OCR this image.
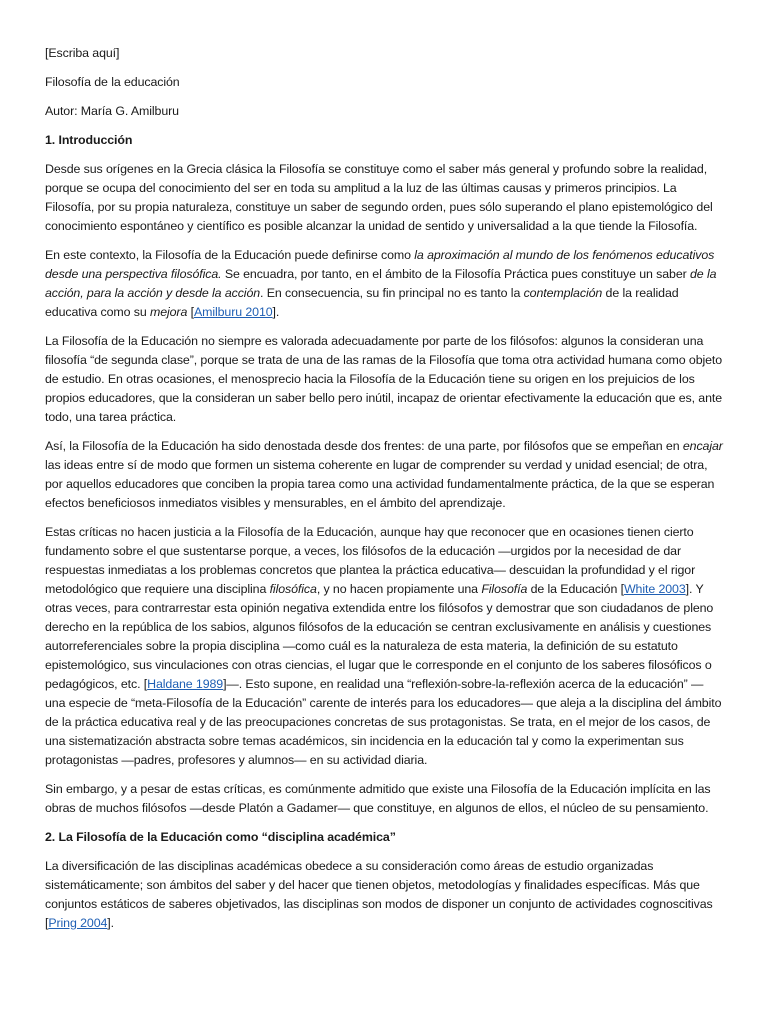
[Escriba aquí]
Filosofía de la educación
Autor: María G. Amilburu
1. Introducción

Desde sus orígenes en la Grecia clásica la Filosofía se constituye como el saber más general y profundo sobre la realidad, porque se ocupa del conocimiento del ser en toda su amplitud a la luz de las últimas causas y primeros principios. La Filosofía, por su propia naturaleza, constituye un saber de segundo orden, pues sólo superando el plano epistemológico del conocimiento espontáneo y científico es posible alcanzar la unidad de sentido y universalidad a la que tiende la Filosofía.

En este contexto, la Filosofía de la Educación puede definirse como la aproximación al mundo de los fenómenos educativos desde una perspectiva filosófica. Se encuadra, por tanto, en el ámbito de la Filosofía Práctica pues constituye un saber de la acción, para la acción y desde la acción. En consecuencia, su fin principal no es tanto la contemplación de la realidad educativa como su mejora [Amilburu 2010].

La Filosofía de la Educación no siempre es valorada adecuadamente por parte de los filósofos: algunos la consideran una filosofía “de segunda clase”, porque se trata de una de las ramas de la Filosofía que toma otra actividad humana como objeto de estudio. En otras ocasiones, el menosprecio hacia la Filosofía de la Educación tiene su origen en los prejuicios de los propios educadores, que la consideran un saber bello pero inútil, incapaz de orientar efectivamente la educación que es, ante todo, una tarea práctica.

Así, la Filosofía de la Educación ha sido denostada desde dos frentes: de una parte, por filósofos que se empeñan en encajar las ideas entre sí de modo que formen un sistema coherente en lugar de comprender su verdad y unidad esencial; de otra, por aquellos educadores que conciben la propia tarea como una actividad fundamentalmente práctica, de la que se esperan efectos beneficiosos inmediatos visibles y mensurables, en el ámbito del aprendizaje.

Estas críticas no hacen justicia a la Filosofía de la Educación, aunque hay que reconocer que en ocasiones tienen cierto fundamento sobre el que sustentarse porque, a veces, los filósofos de la educación —urgidos por la necesidad de dar respuestas inmediatas a los problemas concretos que plantea la práctica educativa— descuidan la profundidad y el rigor metodológico que requiere una disciplina filosófica, y no hacen propiamente una Filosofía de la Educación [White 2003]. Y otras veces, para contrarrestar esta opinión negativa extendida entre los filósofos y demostrar que son ciudadanos de pleno derecho en la república de los sabios, algunos filósofos de la educación se centran exclusivamente en análisis y cuestiones autorreferenciales sobre la propia disciplina —como cuál es la naturaleza de esta materia, la definición de su estatuto epistemológico, sus vinculaciones con otras ciencias, el lugar que le corresponde en el conjunto de los saberes filosóficos o pedagógicos, etc. [Haldane 1989]—. Esto supone, en realidad una “reflexión-sobre-la-reflexión acerca de la educación” —una especie de “meta-Filosofía de la Educación” carente de interés para los educadores— que aleja a la disciplina del ámbito de la práctica educativa real y de las preocupaciones concretas de sus protagonistas. Se trata, en el mejor de los casos, de una sistematización abstracta sobre temas académicos, sin incidencia en la educación tal y como la experimentan sus protagonistas —padres, profesores y alumnos— en su actividad diaria.

Sin embargo, y a pesar de estas críticas, es comúnmente admitido que existe una Filosofía de la Educación implícita en las obras de muchos filósofos —desde Platón a Gadamer— que constituye, en algunos de ellos, el núcleo de su pensamiento.

2. La Filosofía de la Educación como “disciplina académica”

La diversificación de las disciplinas académicas obedece a su consideración como áreas de estudio organizadas sistemáticamente; son ámbitos del saber y del hacer que tienen objetos, metodologías y finalidades específicas. Más que conjuntos estáticos de saberes objetivados, las disciplinas son modos de disponer un conjunto de actividades cognoscitivas [Pring 2004].
